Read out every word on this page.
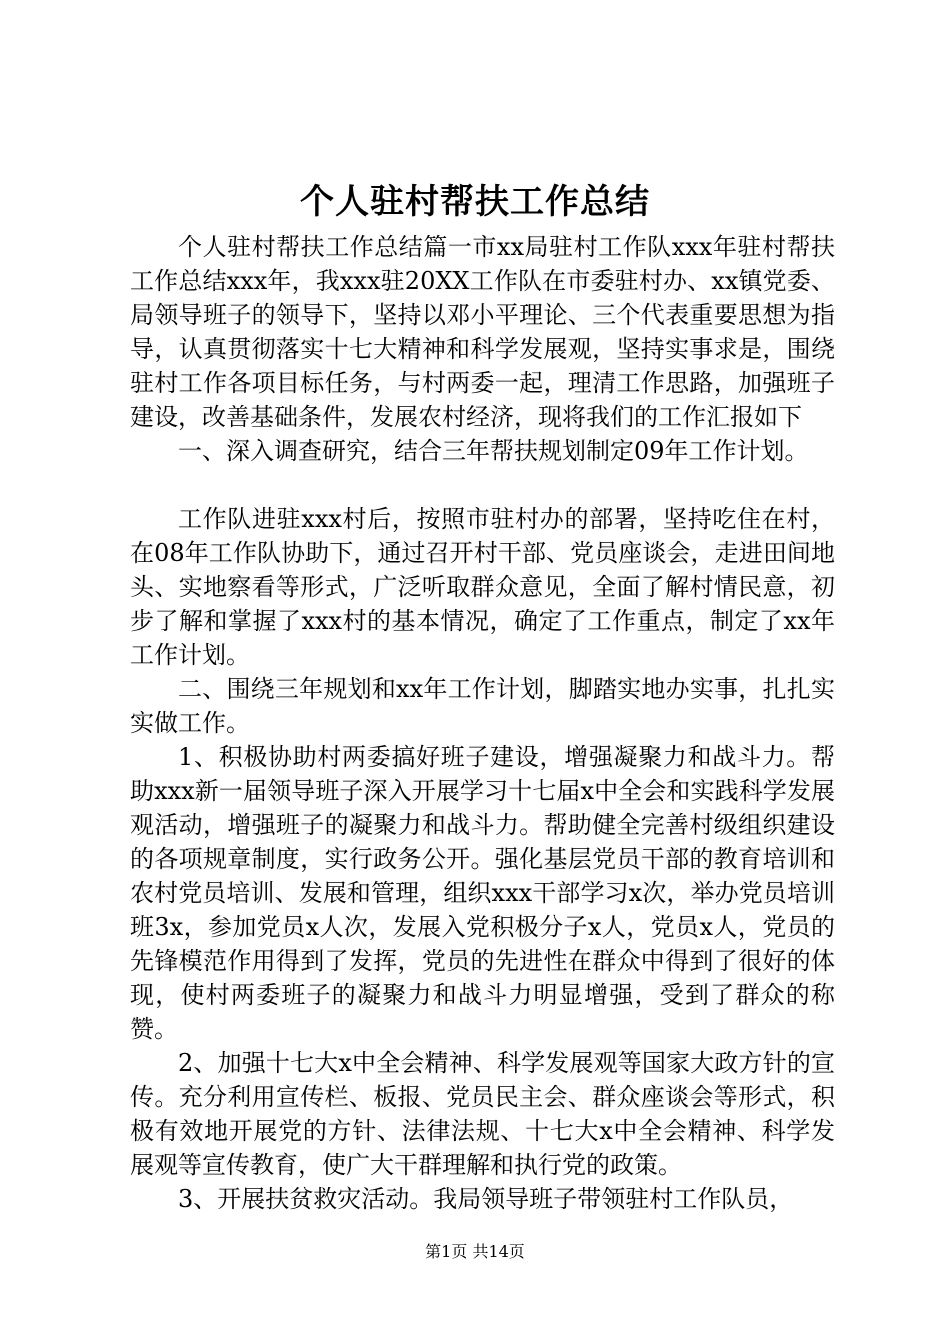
个人驻村帮扶工作总结

个人驻村帮扶工作总结篇一市xx局驻村工作队xxx年驻村帮扶工作总结xxx年，我xxx驻20XX工作队在市委驻村办、xx镇党委、局领导班子的领导下，坚持以邓小平理论、三个代表重要思想为指导，认真贯彻落实十七大精神和科学发展观，坚持实事求是，围绕驻村工作各项目标任务，与村两委一起，理清工作思路，加强班子建设，改善基础条件，发展农村经济，现将我们的工作汇报如下

一、深入调查研究，结合三年帮扶规划制定09年工作计划。

工作队进驻xxx村后，按照市驻村办的部署，坚持吃住在村，在08年工作队协助下，通过召开村干部、党员座谈会，走进田间地头、实地察看等形式，广泛听取群众意见，全面了解村情民意，初步了解和掌握了xxx村的基本情况，确定了工作重点，制定了xx年工作计划。

二、围绕三年规划和xx年工作计划，脚踏实地办实事，扎扎实实做工作。

1、积极协助村两委搞好班子建设，增强凝聚力和战斗力。帮助xxx新一届领导班子深入开展学习十七届x中全会和实践科学发展观活动，增强班子的凝聚力和战斗力。帮助健全完善村级组织建设的各项规章制度，实行政务公开。强化基层党员干部的教育培训和农村党员培训、发展和管理，组织xxx干部学习x次，举办党员培训班3x，参加党员x人次，发展入党积极分子x人，党员x人，党员的先锋模范作用得到了发挥，党员的先进性在群众中得到了很好的体现，使村两委班子的凝聚力和战斗力明显增强，受到了群众的称赞。

2、加强十七大x中全会精神、科学发展观等国家大政方针的宣传。充分利用宣传栏、板报、党员民主会、群众座谈会等形式，积极有效地开展党的方针、法律法规、十七大x中全会精神、科学发展观等宣传教育，使广大干群理解和执行党的政策。

3、开展扶贫救灾活动。我局领导班子带领驻村工作队员，

第1页 共14页
